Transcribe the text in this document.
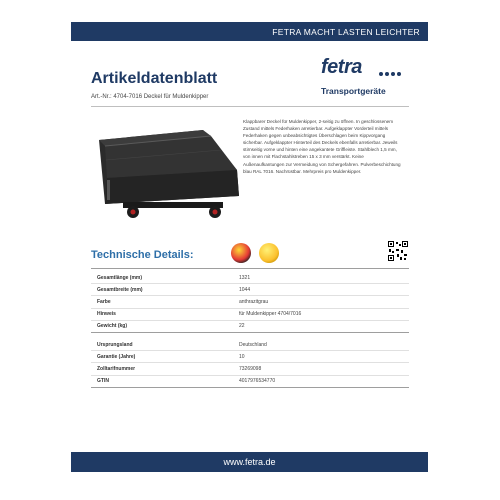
FETRA MACHT LASTEN LEICHTER
Artikeldatenblatt
Art.-Nr.: 4704-7016 Deckel für Muldenkipper
fetra
Transportgeräte
Klappbarer Deckel für Muldenkipper, 2-seitig zu öffnen. In geschlossenem Zustand mittels Federhaken arretierbar. Aufgeklappter Vorderteil mittels Federhaken gegen unbeabsichtigtes Überschlagen beim Kippvorgang sicherbar. Aufgeklappter Hinterteil des Deckels ebenfalls arretierbar. Jeweils stirnseitig vorne und hinten eine angekantete Griffleiste. Stahlblech 1,5 mm, von innen mit Flachstahlstreben 15 x 3 mm verstärkt. Keine Außenaufkantungen zur Vermeidung von Schergefahren. Pulverbeschichtung blau RAL 7016. Nachrüstbar. Mehrpreis pro Muldenkipper.
Technische Details:
Gesamtlänge (mm)	1321
Gesamtbreite (mm)	1044
Farbe	anthrazitgrau
Hinweis	für Muldenkipper 4704/7016
Gewicht (kg)	22
Ursprungsland	Deutschland
Garantie (Jahre)	10
Zolltarifnummer	73269098
GTIN	4017976534770
www.fetra.de
